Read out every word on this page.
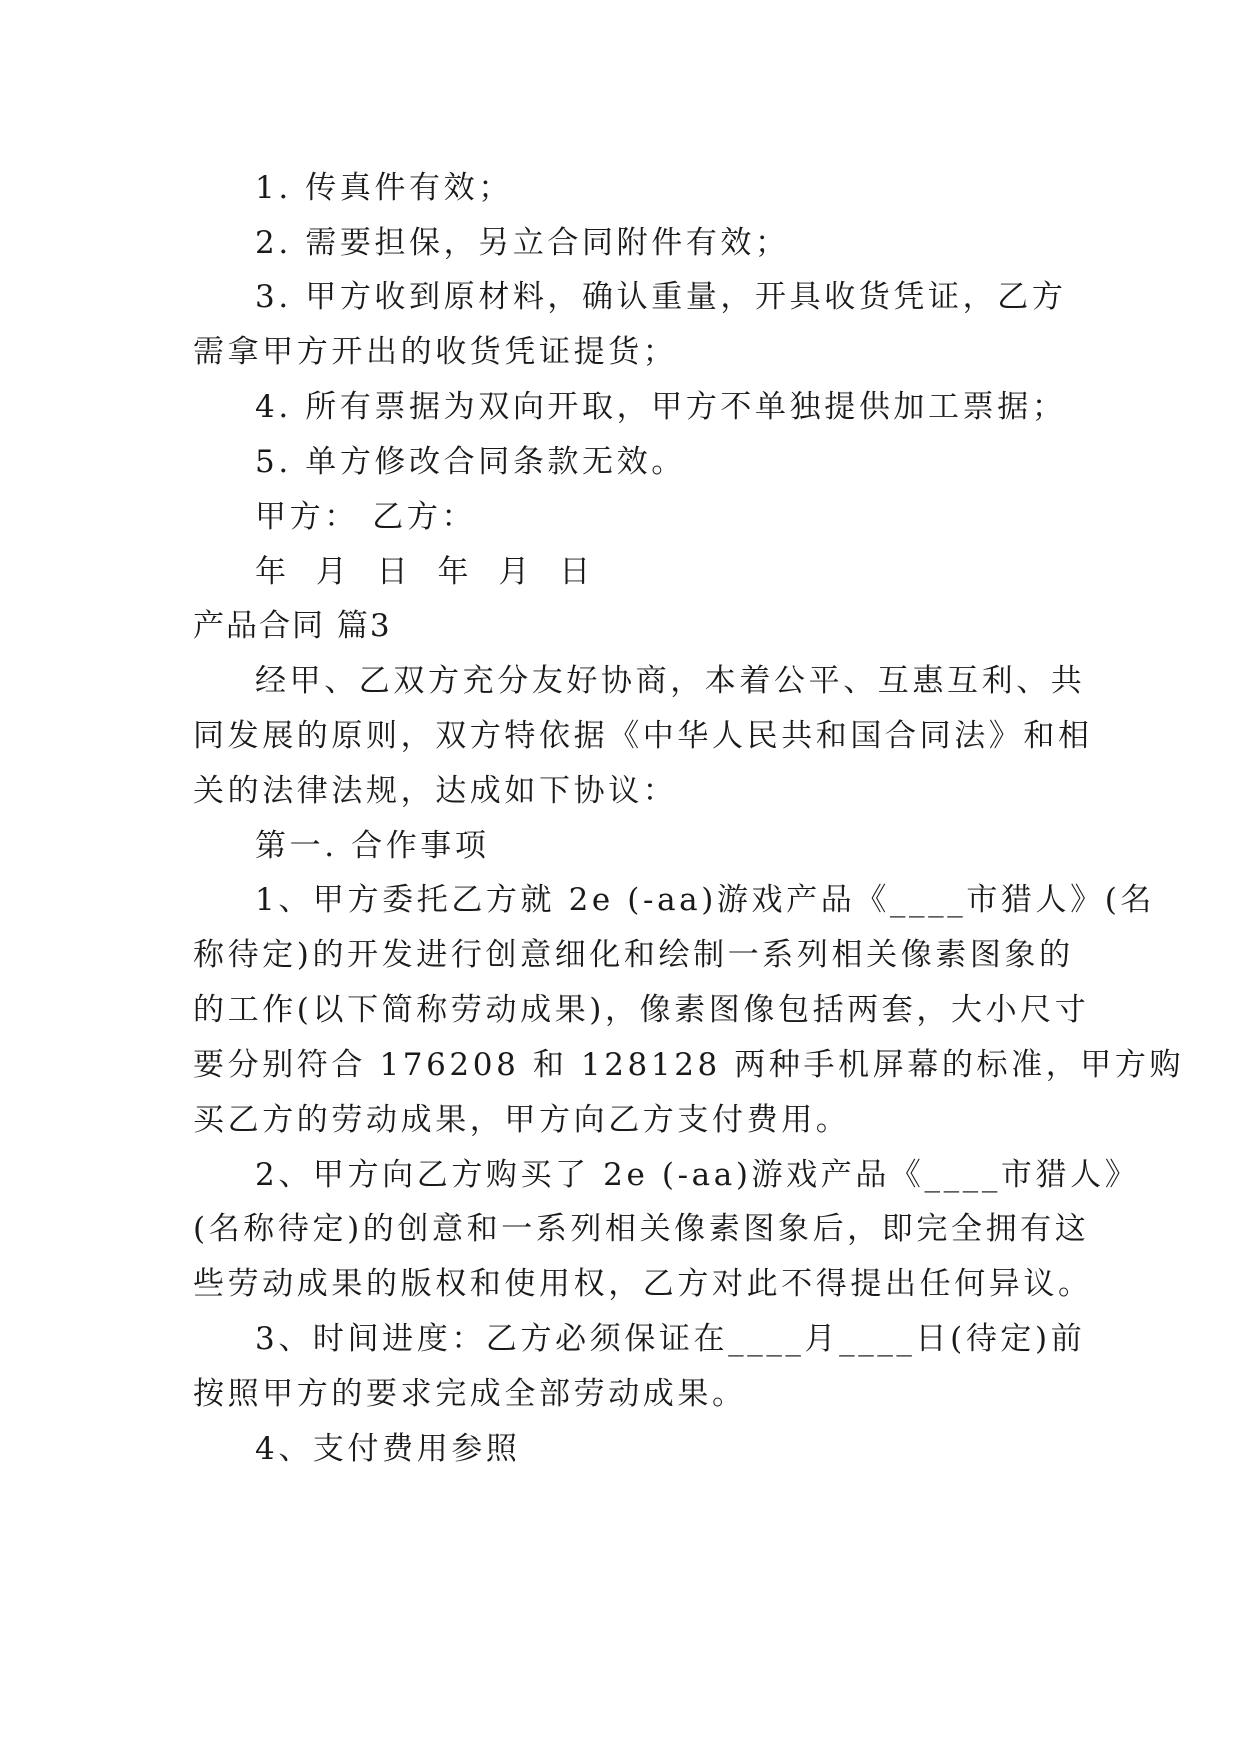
1. 传真件有效；
2. 需要担保，另立合同附件有效；
3. 甲方收到原材料，确认重量，开具收货凭证，乙方
需拿甲方开出的收货凭证提货；
4. 所有票据为双向开取，甲方不单独提供加工票据；
5. 单方修改合同条款无效。
甲方： 乙方：
年 月 日 年 月 日
产品合同 篇3
经甲、乙双方充分友好协商，本着公平、互惠互利、共
同发展的原则，双方特依据《中华人民共和国合同法》和相
关的法律法规，达成如下协议：
第一. 合作事项
1、甲方委托乙方就 2e (-aa)游戏产品《____市猎人》(名
称待定)的开发进行创意细化和绘制一系列相关像素图象的
的工作(以下简称劳动成果)，像素图像包括两套，大小尺寸
要分别符合 176208 和 128128 两种手机屏幕的标准，甲方购
买乙方的劳动成果，甲方向乙方支付费用。
2、甲方向乙方购买了 2e (-aa)游戏产品《____市猎人》
(名称待定)的创意和一系列相关像素图象后，即完全拥有这
些劳动成果的版权和使用权，乙方对此不得提出任何异议。
3、时间进度：乙方必须保证在____月____日(待定)前
按照甲方的要求完成全部劳动成果。
4、支付费用参照
